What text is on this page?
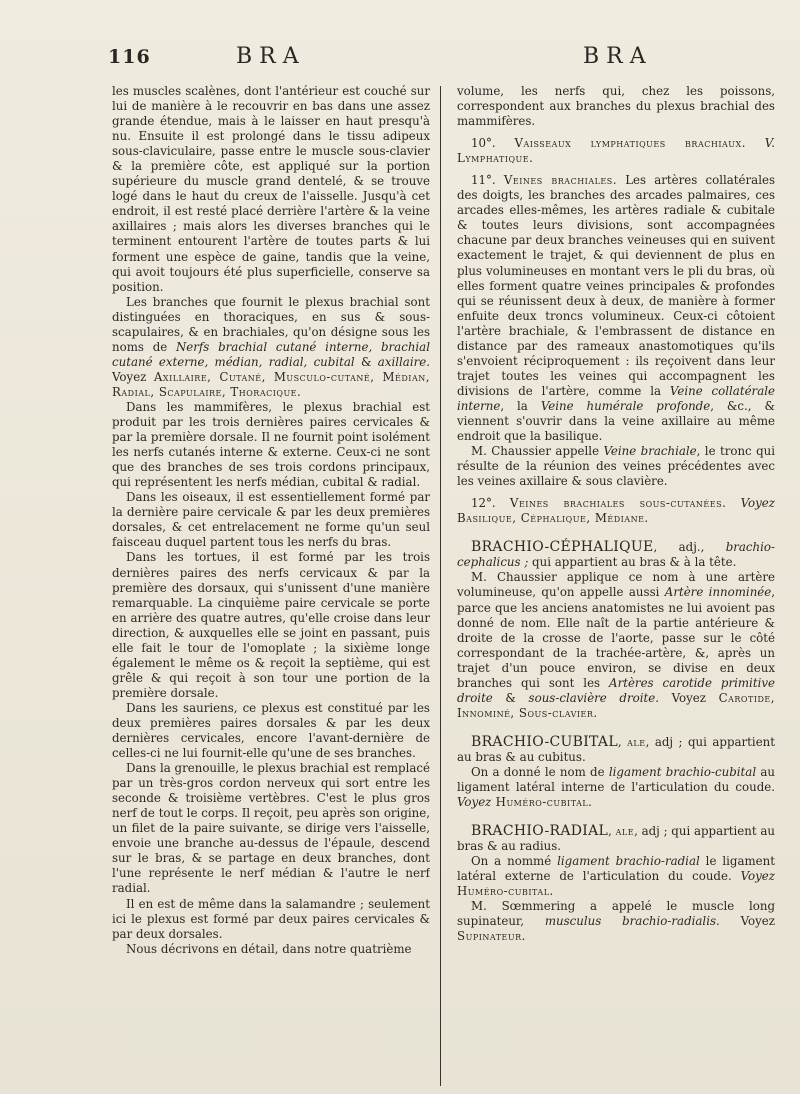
116	BRA	BRA

les muscles scalènes, dont l'antérieur est couché sur lui de manière à le recouvrir en bas dans une assez grande étendue, mais à le laisser en haut presqu'à nu. Ensuite il est prolongé dans le tissu adipeux sous-claviculaire, passe entre le muscle sous-clavier & la première côte, est appliqué sur la portion supérieure du muscle grand dentelé, & se trouve logé dans le haut du creux de l'aisselle. Jusqu'à cet endroit, il est resté placé derrière l'artère & la veine axillaires ; mais alors les diverses branches qui le terminent entourent l'artère de toutes parts & lui forment une espèce de gaine, tandis que la veine, qui avoit toujours été plus superficielle, conserve sa position.

Les branches que fournit le plexus brachial sont distinguées en thoraciques, en sus & sous-scapulaires, & en brachiales, qu'on désigne sous les noms de Nerfs brachial cutané interne, brachial cutané externe, médian, radial, cubital & axillaire. Voyez Axillaire, Cutané, Musculo-cutané, Médian, Radial, Scapulaire, Thoracique.

Dans les mammifères, le plexus brachial est produit par les trois dernières paires cervicales & par la première dorsale. Il ne fournit point isolément les nerfs cutanés interne & externe. Ceux-ci ne sont que des branches de ses trois cordons principaux, qui représentent les nerfs médian, cubital & radial.

Dans les oiseaux, il est essentiellement formé par la dernière paire cervicale & par les deux premières dorsales, & cet entrelacement ne forme qu'un seul faisceau duquel partent tous les nerfs du bras.

Dans les tortues, il est formé par les trois dernières paires des nerfs cervicaux & par la première des dorsaux, qui s'unissent d'une manière remarquable. La cinquième paire cervicale se porte en arrière des quatre autres, qu'elle croise dans leur direction, & auxquelles elle se joint en passant, puis elle fait le tour de l'omoplate ; la sixième longe également le même os & reçoit la septième, qui est grêle & qui reçoit à son tour une portion de la première dorsale.

Dans les sauriens, ce plexus est constitué par les deux premières paires dorsales & par les deux dernières cervicales, encore l'avant-dernière de celles-ci ne lui fournit-elle qu'une de ses branches.

Dans la grenouille, le plexus brachial est remplacé par un très-gros cordon nerveux qui sort entre les seconde & troisième vertèbres. C'est le plus gros nerf de tout le corps. Il reçoit, peu après son origine, un filet de la paire suivante, se dirige vers l'aisselle, envoie une branche au-dessus de l'épaule, descend sur le bras, & se partage en deux branches, dont l'une représente le nerf médian & l'autre le nerf radial.

Il en est de même dans la salamandre ; seulement ici le plexus est formé par deux paires cervicales & par deux dorsales.

Nous décrivons en détail, dans notre quatrième

volume, les nerfs qui, chez les poissons, correspondent aux branches du plexus brachial des mammifères.

10°. Vaisseaux lymphatiques brachiaux. V. Lymphatique.

11°. Veines brachiales. Les artères collatérales des doigts, les branches des arcades palmaires, ces arcades elles-mêmes, les artères radiale & cubitale & toutes leurs divisions, sont accompagnées chacune par deux branches veineuses qui en suivent exactement le trajet, & qui deviennent de plus en plus volumineuses en montant vers le pli du bras, où elles forment quatre veines principales & profondes qui se réunissent deux à deux, de manière à former enfuite deux troncs volumineux. Ceux-ci côtoient l'artère brachiale, & l'embrassent de distance en distance par des rameaux anastomotiques qu'ils s'envoient réciproquement : ils reçoivent dans leur trajet toutes les veines qui accompagnent les divisions de l'artère, comme la Veine collatérale interne, la Veine humérale profonde, &c., & viennent s'ouvrir dans la veine axillaire au même endroit que la basilique.

M. Chaussier appelle Veine brachiale, le tronc qui résulte de la réunion des veines précédentes avec les veines axillaire & sous clavière.

12°. Veines brachiales sous-cutanées. Voyez Basilique, Céphalique, Médiane.

BRACHIO-CÉPHALIQUE, adj., brachio-cephalicus ; qui appartient au bras & à la tête.

M. Chaussier applique ce nom à une artère volumineuse, qu'on appelle aussi Artère innominée, parce que les anciens anatomistes ne lui avoient pas donné de nom. Elle naît de la partie antérieure & droite de la crosse de l'aorte, passe sur le côté correspondant de la trachée-artère, &, après un trajet d'un pouce environ, se divise en deux branches qui sont les Artères carotide primitive droite & sous-clavière droite. Voyez Carotide, Innominé, Sous-clavier.

BRACHIO-CUBITAL, ale, adj ; qui appartient au bras & au cubitus.

On a donné le nom de ligament brachio-cubital au ligament latéral interne de l'articulation du coude. Voyez Huméro-cubital.

BRACHIO-RADIAL, ale, adj ; qui appartient au bras & au radius.

On a nommé ligament brachio-radial le ligament latéral externe de l'articulation du coude. Voyez Huméro-cubital.

M. Sœmmering a appelé le muscle long supinateur, musculus brachio-radialis. Voyez Supinateur.
